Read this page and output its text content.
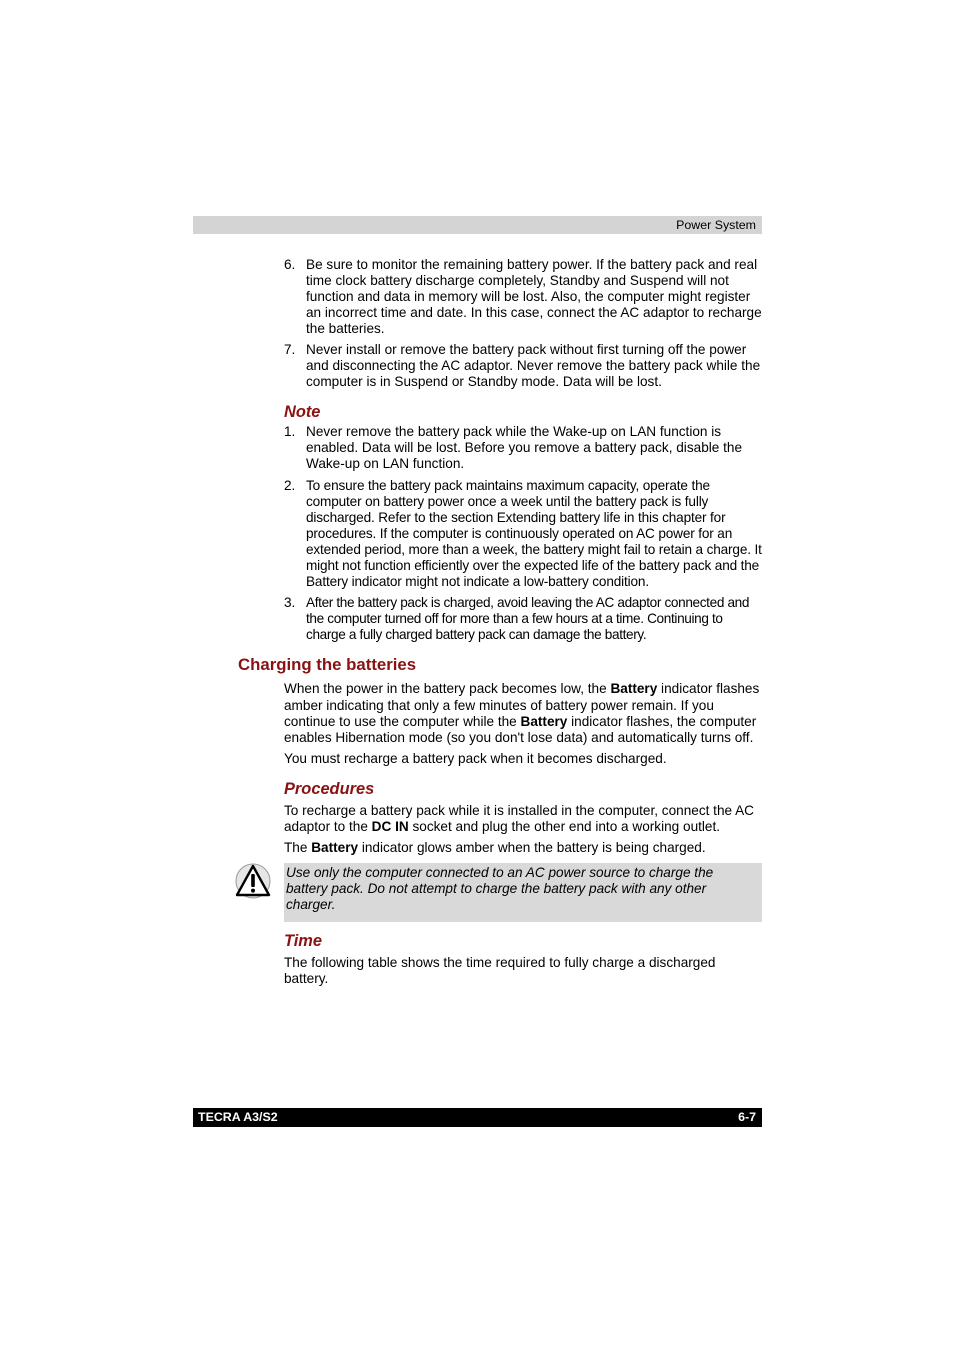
Power System
6. Be sure to monitor the remaining battery power. If the battery pack and real time clock battery discharge completely, Standby and Suspend will not function and data in memory will be lost. Also, the computer might register an incorrect time and date. In this case, connect the AC adaptor to recharge the batteries.
7. Never install or remove the battery pack without first turning off the power and disconnecting the AC adaptor. Never remove the battery pack while the computer is in Suspend or Standby mode. Data will be lost.
Note
1. Never remove the battery pack while the Wake-up on LAN function is enabled. Data will be lost. Before you remove a battery pack, disable the Wake-up on LAN function.
2. To ensure the battery pack maintains maximum capacity, operate the computer on battery power once a week until the battery pack is fully discharged. Refer to the section Extending battery life in this chapter for procedures. If the computer is continuously operated on AC power for an extended period, more than a week, the battery might fail to retain a charge. It might not function efficiently over the expected life of the battery pack and the Battery indicator might not indicate a low-battery condition.
3. After the battery pack is charged, avoid leaving the AC adaptor connected and the computer turned off for more than a few hours at a time. Continuing to charge a fully charged battery pack can damage the battery.
Charging the batteries

When the power in the battery pack becomes low, the Battery indicator flashes amber indicating that only a few minutes of battery power remain. If you continue to use the computer while the Battery indicator flashes, the computer enables Hibernation mode (so you don't lose data) and automatically turns off.

You must recharge a battery pack when it becomes discharged.

Procedures

To recharge a battery pack while it is installed in the computer, connect the AC adaptor to the DC IN socket and plug the other end into a working outlet.

The Battery indicator glows amber when the battery is being charged.

Use only the computer connected to an AC power source to charge the battery pack. Do not attempt to charge the battery pack with any other charger.
Time

The following table shows the time required to fully charge a discharged battery.

TECRA A3/S2	6-7
